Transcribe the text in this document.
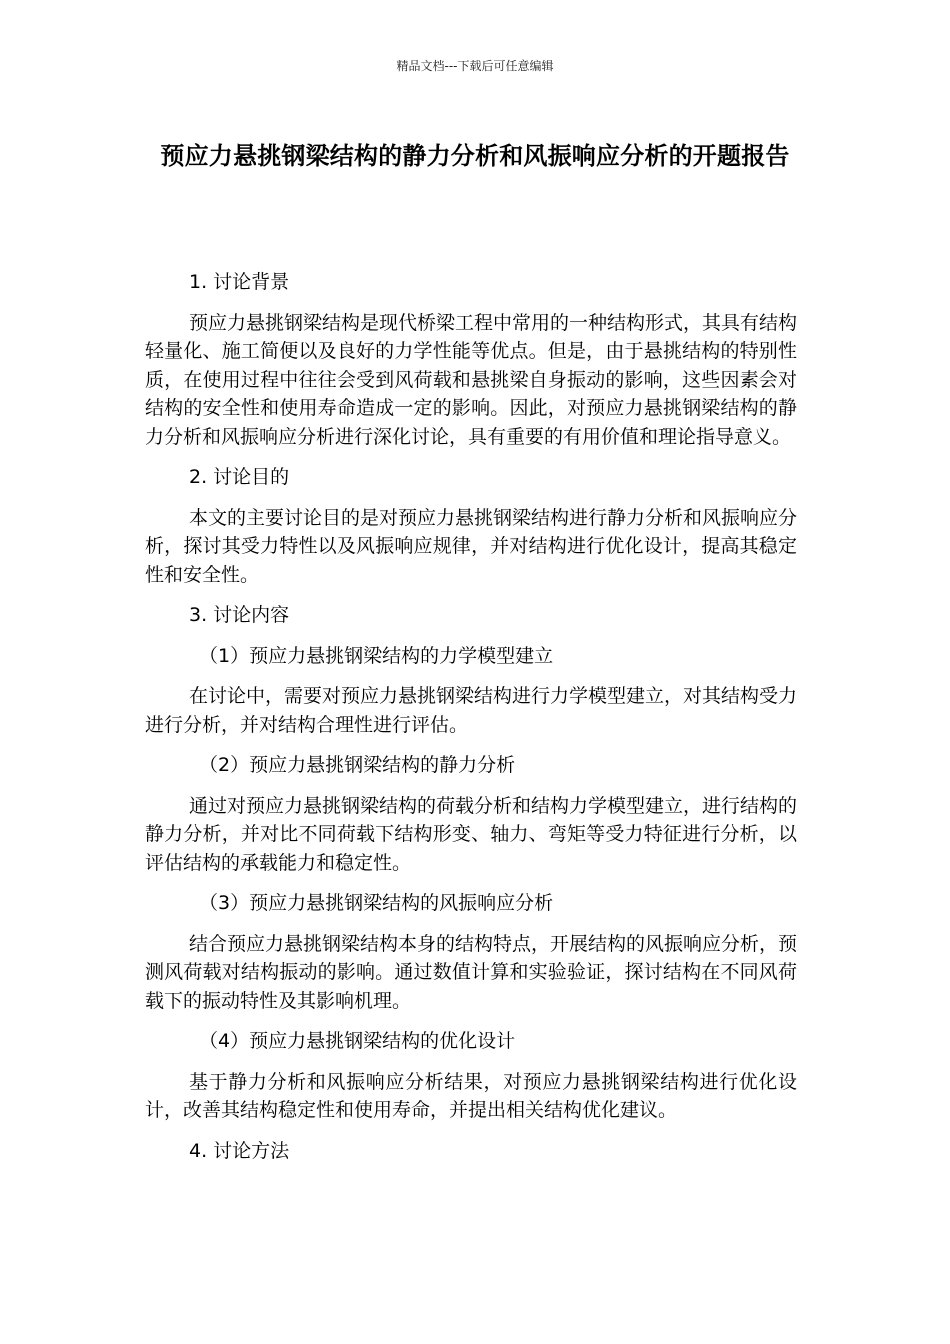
精品文档---下载后可任意编辑
预应力悬挑钢梁结构的静力分析和风振响应分析的开题报告

1. 讨论背景

预应力悬挑钢梁结构是现代桥梁工程中常用的一种结构形式，其具有结构轻量化、施工简便以及良好的力学性能等优点。但是，由于悬挑结构的特别性质，在使用过程中往往会受到风荷载和悬挑梁自身振动的影响，这些因素会对结构的安全性和使用寿命造成一定的影响。因此，对预应力悬挑钢梁结构的静力分析和风振响应分析进行深化讨论，具有重要的有用价值和理论指导意义。

2. 讨论目的

本文的主要讨论目的是对预应力悬挑钢梁结构进行静力分析和风振响应分析，探讨其受力特性以及风振响应规律，并对结构进行优化设计，提高其稳定性和安全性。

3. 讨论内容

（1）预应力悬挑钢梁结构的力学模型建立

在讨论中，需要对预应力悬挑钢梁结构进行力学模型建立，对其结构受力进行分析，并对结构合理性进行评估。

（2）预应力悬挑钢梁结构的静力分析

通过对预应力悬挑钢梁结构的荷载分析和结构力学模型建立，进行结构的静力分析，并对比不同荷载下结构形变、轴力、弯矩等受力特征进行分析，以评估结构的承载能力和稳定性。

（3）预应力悬挑钢梁结构的风振响应分析

结合预应力悬挑钢梁结构本身的结构特点，开展结构的风振响应分析，预测风荷载对结构振动的影响。通过数值计算和实验验证，探讨结构在不同风荷载下的振动特性及其影响机理。

（4）预应力悬挑钢梁结构的优化设计

基于静力分析和风振响应分析结果，对预应力悬挑钢梁结构进行优化设计，改善其结构稳定性和使用寿命，并提出相关结构优化建议。

4. 讨论方法
